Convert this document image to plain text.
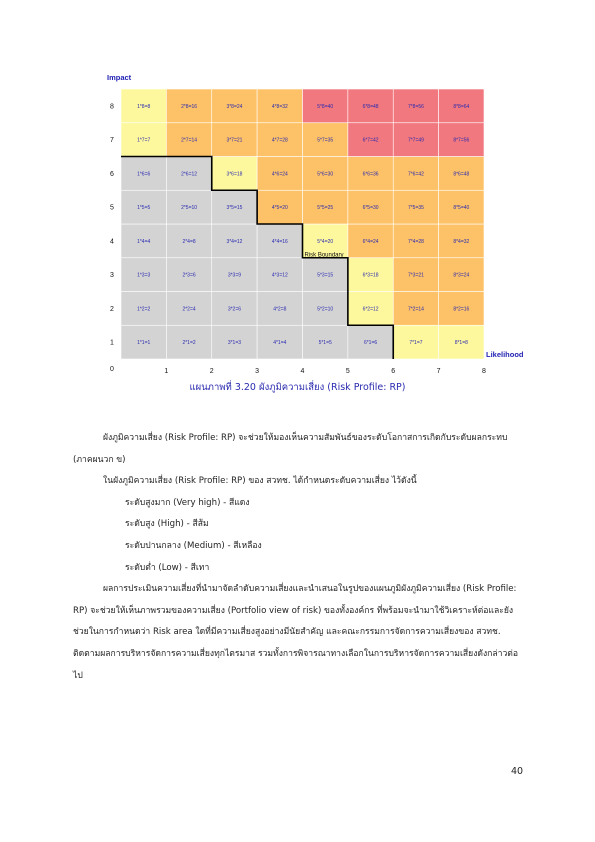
1*1=1	2*1=2	3*1=3	4*1=4	5*1=5	6*1=6	7*1=7	8*1=8
1*2=2	2*2=4	3*2=6	4*2=8	5*2=10	6*2=12	7*2=14	8*2=16
1*3=3	2*3=6	3*3=9	4*3=12	5*3=15	6*3=18	7*3=21	8*3=24
1*4=4	2*4=8	3*4=12	4*4=16	5*4=20	6*4=24	7*4=28	8*4=32
1*5=5	2*5=10	3*5=15	4*5=20	5*5=25	6*5=30	7*5=35	8*5=40
1*6=6	2*6=12	3*6=18	4*6=24	5*6=30	6*6=36	7*6=42	8*6=48
1*7=7	2*7=14	3*7=21	4*7=28	5*7=35	6*7=42	7*7=49	8*7=56
1*8=8	2*8=16	3*8=24	4*8=32	5*8=40	6*8=48	7*8=56	8*8=64
Risk Boundary
Impact
Likelihood
1
2
3
4
5
6
7
8
0	1	2	3	4	5	6	7	8
แผนภาพที่ 3.20 ผังภูมิความเสี่ยง (Risk Profile: RP)

ผังภูมิความเสี่ยง (Risk Profile: RP) จะช่วยให้มองเห็นความสัมพันธ์ของระดับโอกาสการเกิดกับระดับผลกระทบ (ภาคผนวก ข)

ในผังภูมิความเสี่ยง (Risk Profile: RP) ของ สวทช. ได้กำหนดระดับความเสี่ยง ไว้ดังนี้

ระดับสูงมาก (Very high) - สีแดง

ระดับสูง (High) - สีส้ม

ระดับปานกลาง (Medium) - สีเหลือง

ระดับต่ำ (Low) - สีเทา

ผลการประเมินความเสี่ยงที่นำมาจัดลำดับความเสี่ยงและนำเสนอในรูปของแผนภูมิผังภูมิความเสี่ยง (Risk Profile: RP) จะช่วยให้เห็นภาพรวมของความเสี่ยง (Portfolio view of risk) ของทั้งองค์กร ที่พร้อมจะนำมาใช้วิเคราะห์ต่อและยังช่วยในการกำหนดว่า Risk area ใดที่มีความเสี่ยงสูงอย่างมีนัยสำคัญ และคณะกรรมการจัดการความเสี่ยงของ สวทช. ติดตามผลการบริหารจัดการความเสี่ยงทุกไตรมาส รวมทั้งการพิจารณาทางเลือกในการบริหารจัดการความเสี่ยงดังกล่าวต่อไป

40
